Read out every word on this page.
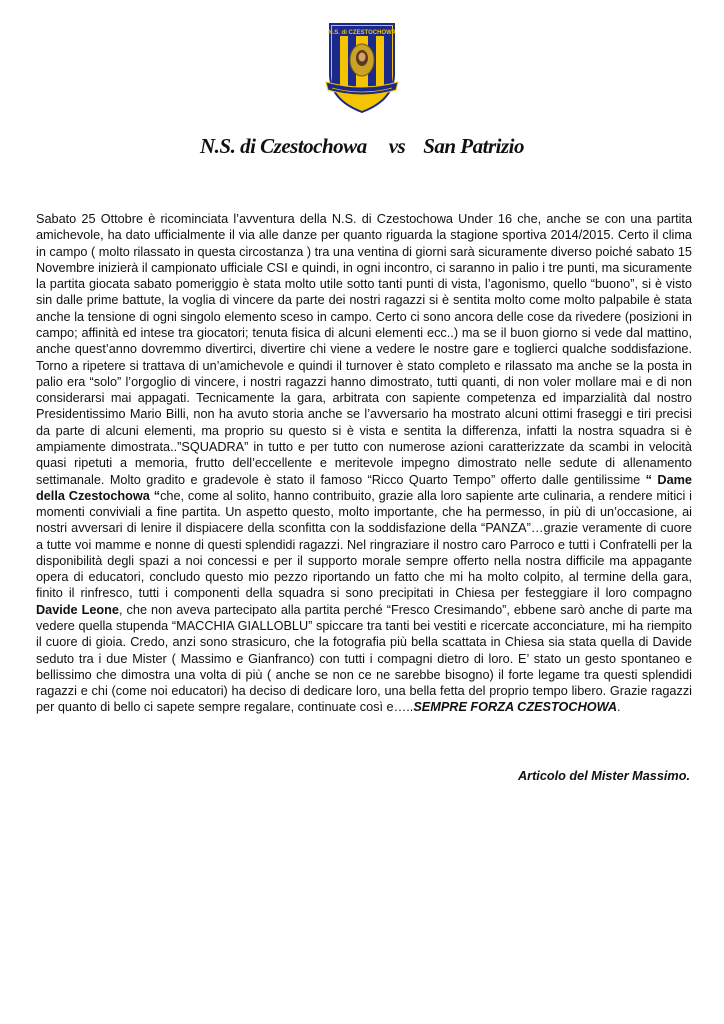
N.S. di CZESTOCHOWA
N.S. di Czestochowa vs San Patrizio

Sabato 25 Ottobre è ricominciata l’avventura della N.S. di Czestochowa Under 16 che, anche se con una partita amichevole, ha dato ufficialmente il via alle danze per quanto riguarda la stagione sportiva 2014/2015. Certo il clima in campo ( molto rilassato in questa circostanza ) tra una ventina di giorni sarà sicuramente diverso poiché sabato 15 Novembre inizierà il campionato ufficiale CSI e quindi, in ogni incontro, ci saranno in palio i tre punti, ma sicuramente la partita giocata sabato pomeriggio è stata molto utile sotto tanti punti di vista, l’agonismo, quello “buono”, si è visto sin dalle prime battute, la voglia di vincere da parte dei nostri ragazzi si è sentita molto come molto palpabile è stata anche la tensione di ogni singolo elemento sceso in campo. Certo ci sono ancora delle cose da rivedere (posizioni in campo; affinità ed intese tra giocatori; tenuta fisica di alcuni elementi ecc..) ma se il buon giorno si vede dal mattino, anche quest’anno dovremmo divertirci, divertire chi viene a vedere le nostre gare e toglierci qualche soddisfazione. Torno a ripetere si trattava di un’amichevole e quindi il turnover è stato completo e rilassato ma anche se la posta in palio era “solo” l’orgoglio di vincere, i nostri ragazzi hanno dimostrato, tutti quanti, di non voler mollare mai e di non considerarsi mai appagati. Tecnicamente la gara, arbitrata con sapiente competenza ed imparzialità dal nostro Presidentissimo Mario Billi, non ha avuto storia anche se l’avversario ha mostrato alcuni ottimi fraseggi e tiri precisi da parte di alcuni elementi, ma proprio su questo si è vista e sentita la differenza, infatti la nostra squadra si è ampiamente dimostrata..”SQUADRA” in tutto e per tutto con numerose azioni caratterizzate da scambi in velocità quasi ripetuti a memoria, frutto dell’eccellente e meritevole impegno dimostrato nelle sedute di allenamento settimanale. Molto gradito e gradevole è stato il famoso “Ricco Quarto Tempo” offerto dalle gentilissime “ Dame della Czestochowa “che, come al solito, hanno contribuito, grazie alla loro sapiente arte culinaria, a rendere mitici i momenti conviviali a fine partita. Un aspetto questo, molto importante, che ha permesso, in più di un’occasione, ai nostri avversari di lenire il dispiacere della sconfitta con la soddisfazione della “PANZA”…grazie veramente di cuore a tutte voi mamme e nonne di questi splendidi ragazzi. Nel ringraziare il nostro caro Parroco e tutti i Confratelli per la disponibilità degli spazi a noi concessi e per il supporto morale sempre offerto nella nostra difficile ma appagante opera di educatori, concludo questo mio pezzo riportando un fatto che mi ha molto colpito, al termine della gara, finito il rinfresco, tutti i componenti della squadra si sono precipitati in Chiesa per festeggiare il loro compagno Davide Leone, che non aveva partecipato alla partita perché “Fresco Cresimando”, ebbene sarò anche di parte ma vedere quella stupenda “MACCHIA GIALLOBLU” spiccare tra tanti bei vestiti e ricercate acconciature, mi ha riempito il cuore di gioia. Credo, anzi sono strasicuro, che la fotografia più bella scattata in Chiesa sia stata quella di Davide seduto tra i due Mister ( Massimo e Gianfranco) con tutti i compagni dietro di loro. E’ stato un gesto spontaneo e bellissimo che dimostra una volta di più ( anche se non ce ne sarebbe bisogno) il forte legame tra questi splendidi ragazzi e chi (come noi educatori) ha deciso di dedicare loro, una bella fetta del proprio tempo libero. Grazie ragazzi per quanto di bello ci sapete sempre regalare, continuate così e…..SEMPRE FORZA CZESTOCHOWA.

Articolo del Mister Massimo.
